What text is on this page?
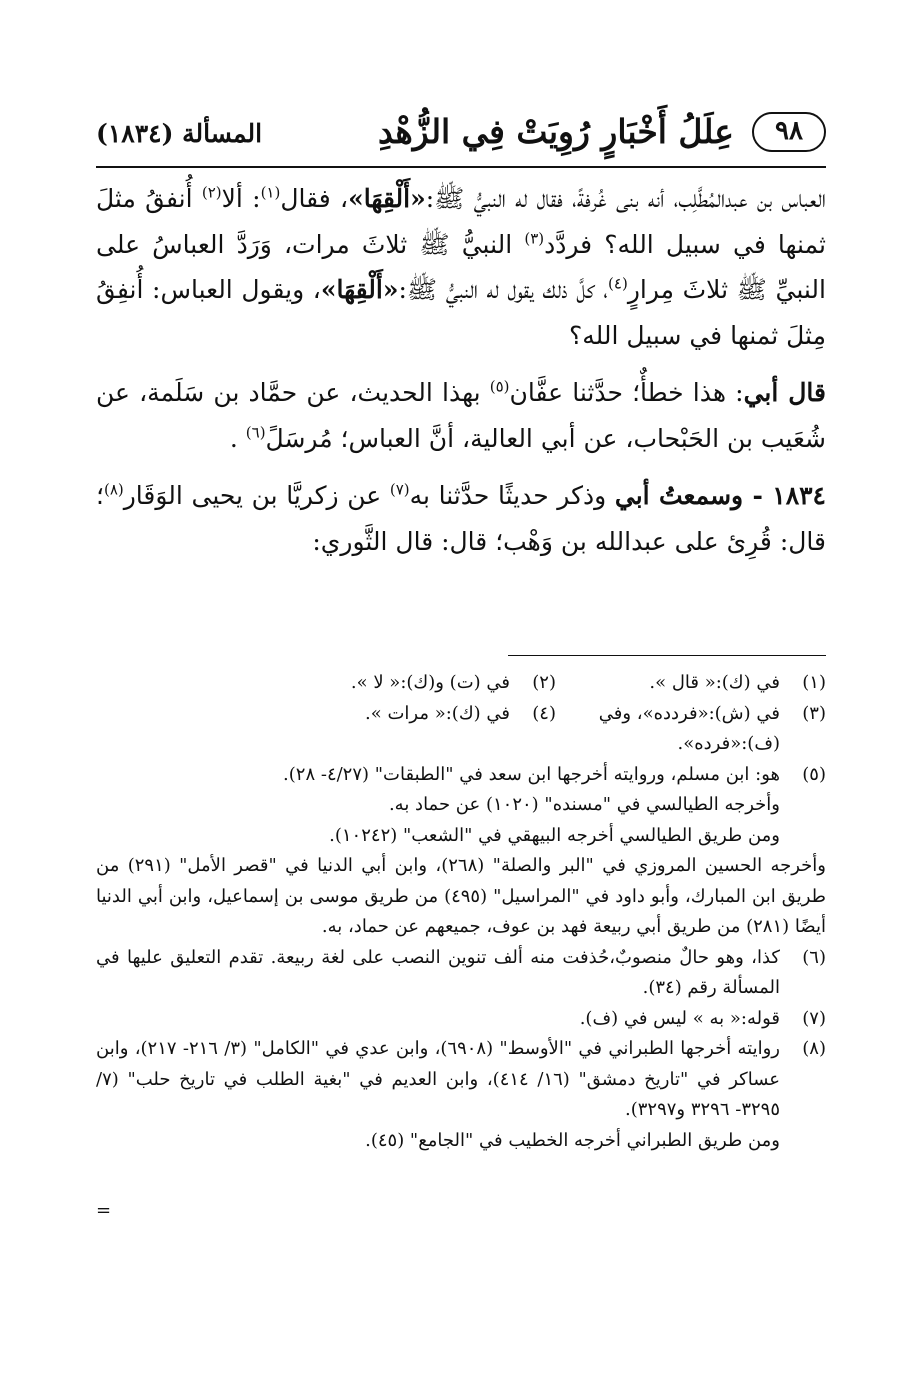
٩٨
عِلَلُ أَخْبَارٍ رُوِيَتْ فِي الزُّهْدِ
المسألة (١٨٣٤)

العباس بن عبدالمُطَّلِب، أنه بنى غُرفةً، فقال له النبيُّ ﷺ:«أَلْقِهَا»، فقال$^{(١)}$: ألا$^{(٢)}$ أُنفقُ مثلَ ثمنها في سبيل الله؟ فردَّد$^{(٣)}$ النبيُّ ﷺ ثلاثَ مرات، وَرَدَّ العباسُ على النبيِّ ﷺ ثلاثَ مِرارٍ$^{(٤)}$، كلَّ ذلك يقول له النبيُّ ﷺ:«أَلْقِهَا»، ويقول العباس: أُنفِقُ مِثلَ ثمنها في سبيل الله؟

قال أبي: هذا خطأٌ؛ حدَّثنا عفَّان$^{(٥)}$ بهذا الحديث، عن حمَّاد بن سَلَمة، عن شُعَيب بن الحَبْحاب، عن أبي العالية، أنَّ العباس؛ مُرسَلً$^{(٦)}$ .

١٨٣٤ - وسمعتُ أبي وذكر حديثًا حدَّثنا به$^{(٧)}$ عن زكريَّا بن يحيى الوَقَار$^{(٨)}$؛ قال: قُرِئ على عبدالله بن وَهْب؛ قال: قال الثَّوري:

(١)
في (ك):« قال ».
(٢)
في (ت) و(ك):« لا ».
(٣)
في (ش):«فردده»، وفي (ف):«فرده».
(٤)
في (ك):« مرات ».
(٥)
هو: ابن مسلم، وروايته أخرجها ابن سعد في "الطبقات" (٤/٢٧- ٢٨).
وأخرجه الطيالسي في "مسنده" (١٠٢٠) عن حماد به.
ومن طريق الطيالسي أخرجه البيهقي في "الشعب" (١٠٢٤٢).
وأخرجه الحسين المروزي في "البر والصلة" (٢٦٨)، وابن أبي الدنيا في "قصر الأمل" (٢٩١) من طريق ابن المبارك، وأبو داود في "المراسيل" (٤٩٥) من طريق موسى بن إسماعيل، وابن أبي الدنيا أيضًا (٢٨١) من طريق أبي ربيعة فهد بن عوف، جميعهم عن حماد، به.
(٦)
كذا، وهو حالٌ منصوبٌ،حُذفت منه ألف تنوين النصب على لغة ربيعة. تقدم التعليق عليها في المسألة رقم (٣٤).
(٧)
قوله:« به » ليس في (ف).
(٨)
روايته أخرجها الطبراني في "الأوسط" (٦٩٠٨)، وابن عدي في "الكامل" (٣/ ٢١٦- ٢١٧)، وابن عساكر في "تاريخ دمشق" (١٦/ ٤١٤)، وابن العديم في "بغية الطلب في تاريخ حلب" (٧/ ٣٢٩٥- ٣٢٩٦ و٣٢٩٧).
ومن طريق الطبراني أخرجه الخطيب في "الجامع" (٤٥).
=
